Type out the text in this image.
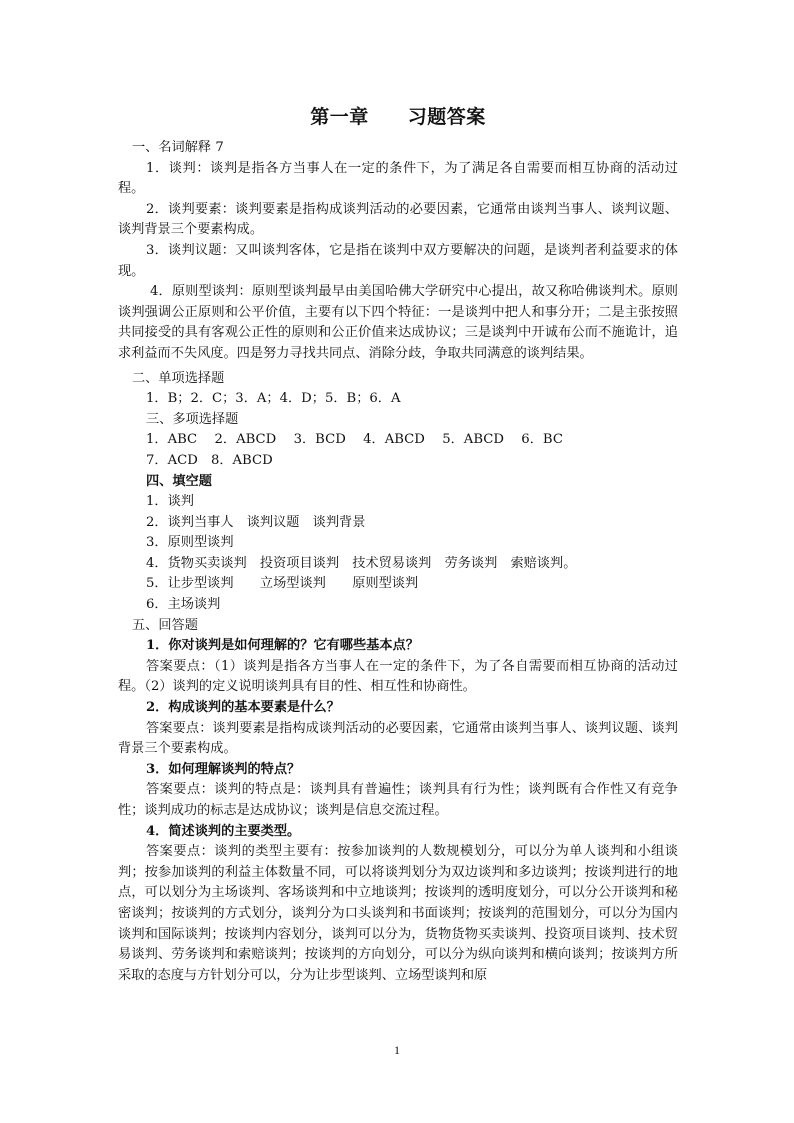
第一章　　习题答案
一、名词解释 7
1．谈判：谈判是指各方当事人在一定的条件下，为了满足各自需要而相互协商的活动过程。
2．谈判要素：谈判要素是指构成谈判活动的必要因素，它通常由谈判当事人、谈判议题、谈判背景三个要素构成。
3．谈判议题：又叫谈判客体，它是指在谈判中双方要解决的问题，是谈判者利益要求的体现。
4．原则型谈判：原则型谈判最早由美国哈佛大学研究中心提出，故又称哈佛谈判术。原则谈判强调公正原则和公平价值，主要有以下四个特征：一是谈判中把人和事分开；二是主张按照共同接受的具有客观公正性的原则和公正价值来达成协议；三是谈判中开诚布公而不施诡计，追求利益而不失风度。四是努力寻找共同点、消除分歧，争取共同满意的谈判结果。
二、单项选择题
1．B；2．C；3．A；4．D；5．B；6．A
三、多项选择题
1．ABC　 2．ABCD　 3．BCD　 4．ABCD　 5．ABCD　 6．BC
7．ACD　8．ABCD
四、填空题
1．谈判
2．谈判当事人　谈判议题　谈判背景
3．原则型谈判
4．货物买卖谈判　投资项目谈判　技术贸易谈判　劳务谈判　索赔谈判。
5．让步型谈判　　立场型谈判　　原则型谈判
6．主场谈判
五、回答题
1．你对谈判是如何理解的？它有哪些基本点？
答案要点：（1）谈判是指各方当事人在一定的条件下，为了各自需要而相互协商的活动过程。（2）谈判的定义说明谈判具有目的性、相互性和协商性。
2．构成谈判的基本要素是什么？
答案要点：谈判要素是指构成谈判活动的必要因素，它通常由谈判当事人、谈判议题、谈判背景三个要素构成。
3．如何理解谈判的特点？
答案要点：谈判的特点是：谈判具有普遍性；谈判具有行为性；谈判既有合作性又有竞争性；谈判成功的标志是达成协议；谈判是信息交流过程。
4．简述谈判的主要类型。
答案要点：谈判的类型主要有：按参加谈判的人数规模划分，可以分为单人谈判和小组谈判；按参加谈判的利益主体数量不同，可以将谈判划分为双边谈判和多边谈判；按谈判进行的地点，可以划分为主场谈判、客场谈判和中立地谈判；按谈判的透明度划分，可以分公开谈判和秘密谈判；按谈判的方式划分，谈判分为口头谈判和书面谈判；按谈判的范围划分，可以分为国内谈判和国际谈判；按谈判内容划分，谈判可以分为，货物货物买卖谈判、投资项目谈判、技术贸易谈判、劳务谈判和索赔谈判；按谈判的方向划分，可以分为纵向谈判和横向谈判；按谈判方所采取的态度与方针划分可以，分为让步型谈判、立场型谈判和原
1
